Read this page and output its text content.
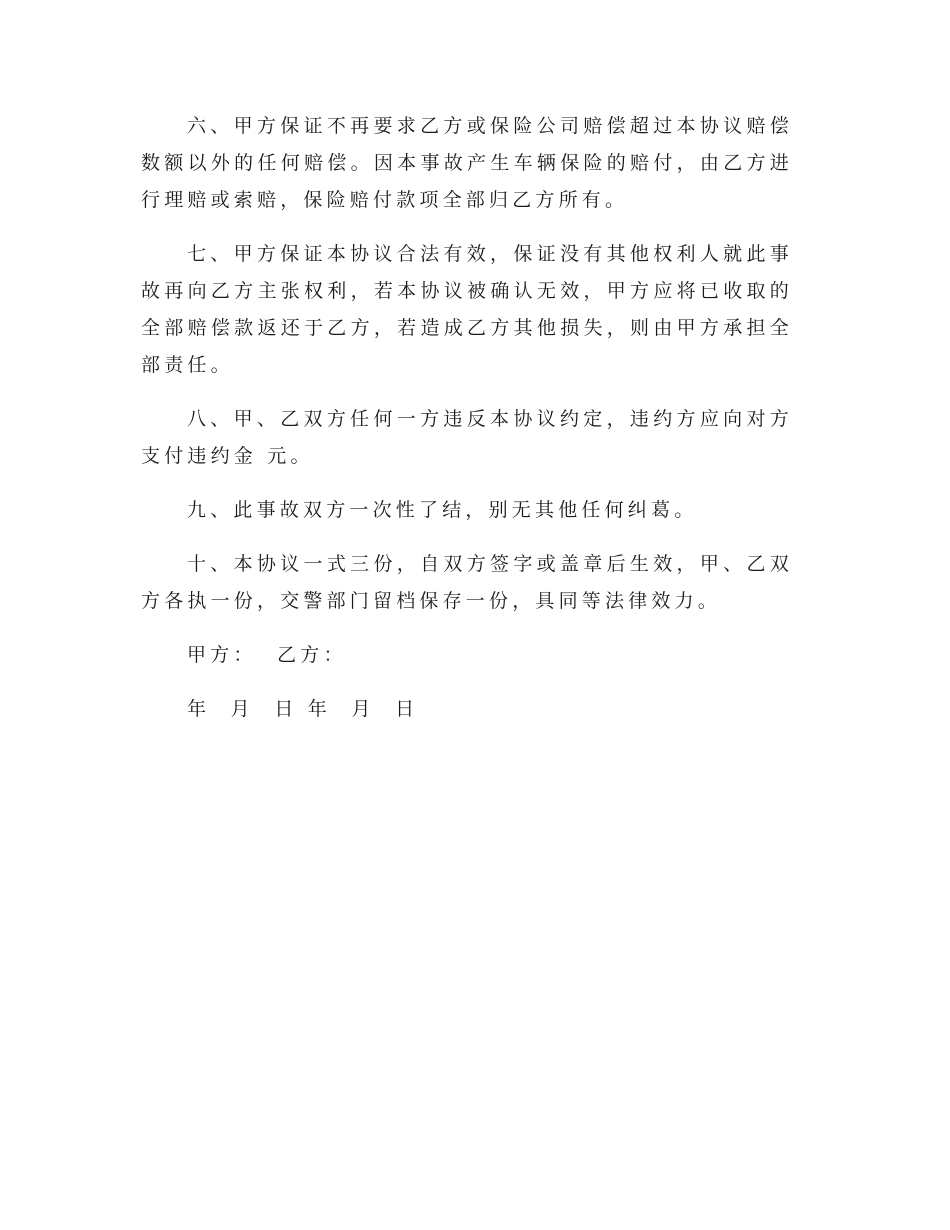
六、甲方保证不再要求乙方或保险公司赔偿超过本协议赔偿数额以外的任何赔偿。因本事故产生车辆保险的赔付，由乙方进行理赔或索赔，保险赔付款项全部归乙方所有。

七、甲方保证本协议合法有效，保证没有其他权利人就此事故再向乙方主张权利，若本协议被确认无效，甲方应将已收取的全部赔偿款返还于乙方，若造成乙方其他损失，则由甲方承担全部责任。

八、甲、乙双方任何一方违反本协议约定，违约方应向对方支付违约金 元。

九、此事故双方一次性了结，别无其他任何纠葛。

十、本协议一式三份，自双方签字或盖章后生效，甲、乙双方各执一份，交警部门留档保存一份，具同等法律效力。

甲方：  乙方：
年  月  日 年  月  日
